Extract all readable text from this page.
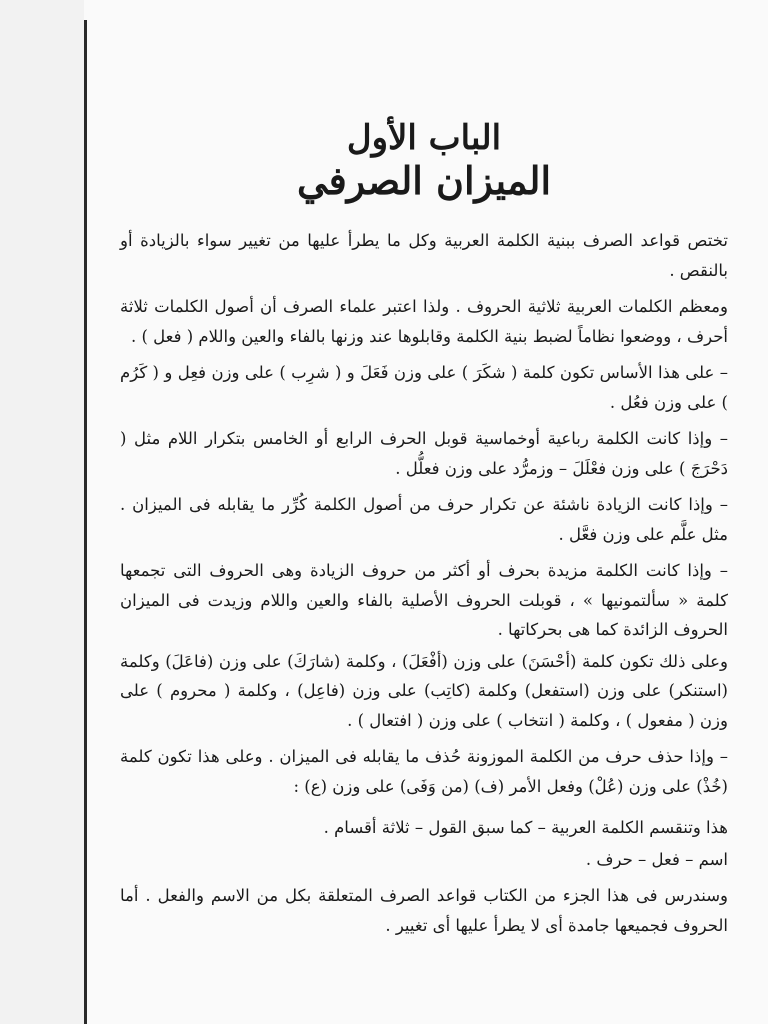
الباب الأول
الميزان الصرفي

تختص قواعد الصرف ببنية الكلمة العربية وكل ما يطرأ عليها من تغيير سواء بالزيادة أو بالنقص .

ومعظم الكلمات العربية ثلاثية الحروف . ولذا اعتبر علماء الصرف أن أصول الكلمات ثلاثة أحرف ، ووضعوا نظاماً لضبط بنية الكلمة وقابلوها عند وزنها بالفاء والعين واللام ( فعل ) .

– على هذا الأساس تكون كلمة ( شكَرَ ) على وزن فَعَلَ و ( شرِب ) على وزن فعِل و ( كَرُم ) على وزن فعُل .

– وإذا كانت الكلمة رباعية أوخماسية قوبل الحرف الرابع أو الخامس بتكرار اللام مثل ( دَحْرَجَ ) على وزن فعْلَلَ – وزمرُّد على وزن فعلُّل .

– وإذا كانت الزيادة ناشئة عن تكرار حرف من أصول الكلمة كُرِّر ما يقابله فى الميزان . مثل علَّم على وزن فعَّل .

– وإذا كانت الكلمة مزيدة بحرف أو أكثر من حروف الزيادة وهى الحروف التى تجمعها كلمة « سألتمونيها » ، قوبلت الحروف الأصلية بالفاء والعين واللام وزيدت فى الميزان الحروف الزائدة كما هى بحركاتها .

وعلى ذلك تكون كلمة (أحْسَنَ) على وزن (أفْعَلَ) ، وكلمة (شارَكَ) على وزن (فاعَلَ) وكلمة (استنكر) على وزن (استفعل) وكلمة (كاتِب) على وزن (فاعِل) ، وكلمة ( محروم ) على وزن ( مفعول ) ، وكلمة ( انتخاب ) على وزن ( افتعال ) .

– وإذا حذف حرف من الكلمة الموزونة حُذف ما يقابله فى الميزان . وعلى هذا تكون كلمة (خُذْ) على وزن (عُلْ) وفعل الأمر (ف) (من وَفَى) على وزن (ع) :

هذا وتنقسم الكلمة العربية – كما سبق القول – ثلاثة أقسام .

اسم – فعل – حرف .

وسندرس فى هذا الجزء من الكتاب قواعد الصرف المتعلقة بكل من الاسم والفعل . أما الحروف فجميعها جامدة أى لا يطرأ عليها أى تغيير .
